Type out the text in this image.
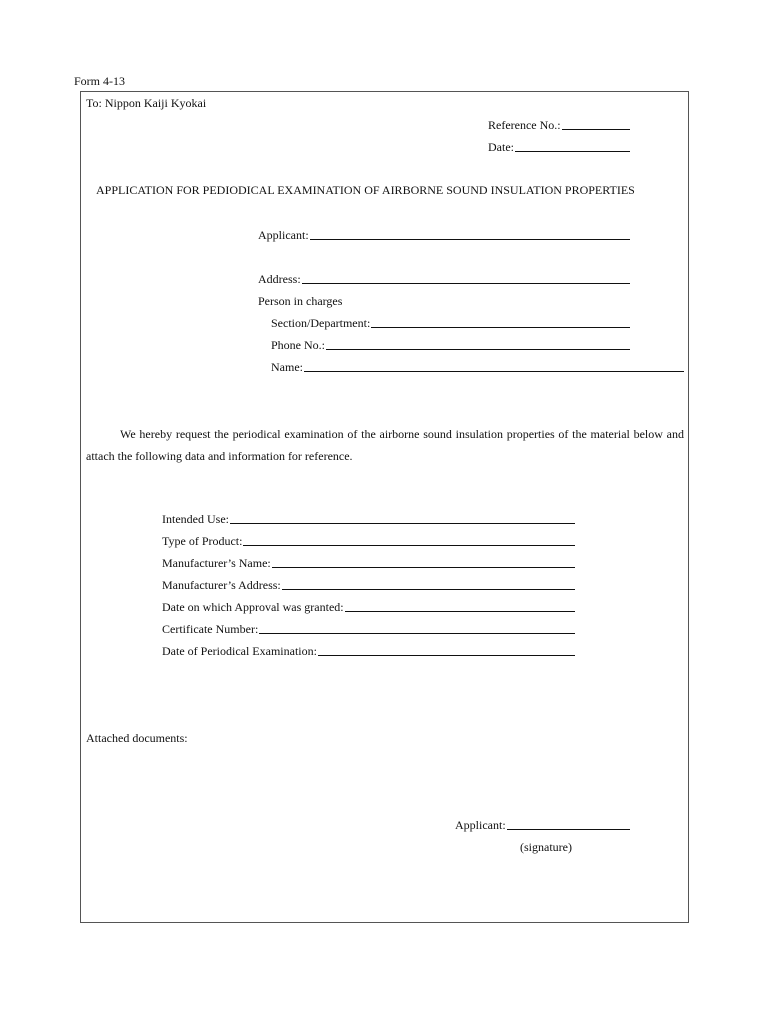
Form 4-13
To: Nippon Kaiji Kyokai
Reference No.:
Date:
APPLICATION FOR PEDIODICAL EXAMINATION OF AIRBORNE SOUND INSULATION PROPERTIES
Applicant:
Address:
Person in charges
Section/Department:
Phone No.:
Name:
We hereby request the periodical examination of the airborne sound insulation properties of the material below and attach the following data and information for reference.
Intended Use:
Type of Product:
Manufacturer’s Name:
Manufacturer’s Address:
Date on which Approval was granted:
Certificate Number:
Date of Periodical Examination:
Attached documents:
Applicant:
(signature)
